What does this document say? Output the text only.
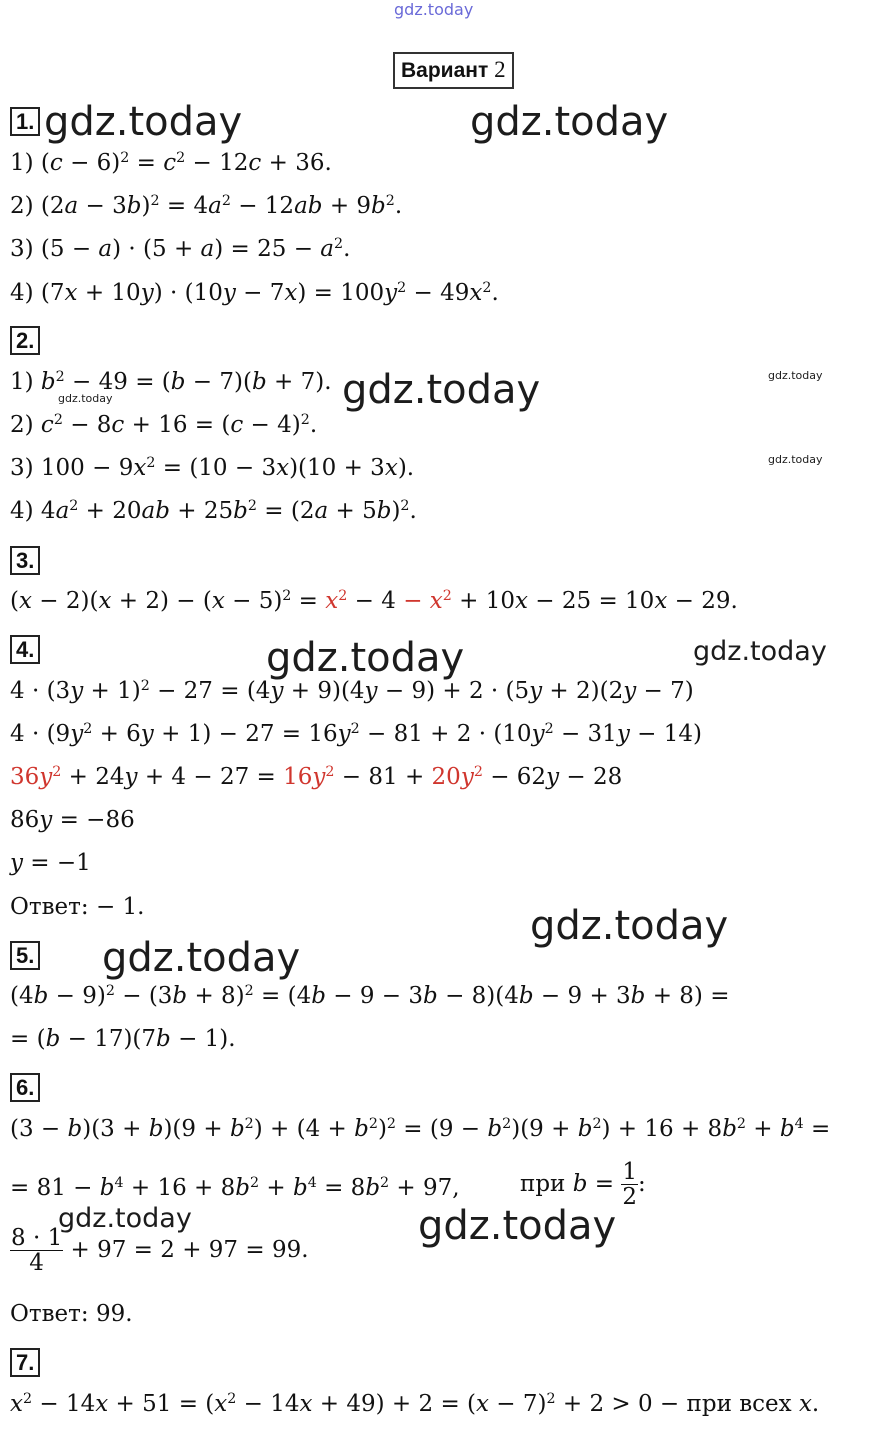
gdz.today
gdz.today	gdz.today
gdz.today	gdz.today
gdz.today
gdz.today
gdz.today	gdz.today
gdz.today
gdz.today
gdz.today	gdz.today
Вариант 2
1.
1) $(c - 6)^2 = c^2 - 12c + 36$.
2) $(2a - 3b)^2 = 4a^2 - 12ab + 9b^2$.
3) $(5 - a) \cdot (5 + a) = 25 - a^2$.
4) $(7x + 10y) \cdot (10y - 7x) = 100y^2 - 49x^2$.
2.
1) $b^2 - 49 = (b - 7)(b + 7)$.
2) $c^2 - 8c + 16 = (c - 4)^2$.
3) $100 - 9x^2 = (10 - 3x)(10 + 3x)$.
4) $4a^2 + 20ab + 25b^2 = (2a + 5b)^2$.
3.
$(x - 2)(x + 2) - (x - 5)^2 = x^2 - 4 - x^2 + 10x - 25 = 10x - 29$.
4.
$4 \cdot (3y + 1)^2 - 27 = (4y + 9)(4y - 9) + 2 \cdot (5y + 2)(2y - 7)$
$4 \cdot (9y^2 + 6y + 1) - 27 = 16y^2 - 81 + 2 \cdot (10y^2 - 31y - 14)$
$36y^2 + 24y + 4 - 27 = 16y^2 - 81 + 20y^2 - 62y - 28$
86y = −86
y = −1
Ответ: − 1.
5.
$(4b - 9)^2 - (3b + 8)^2 = (4b - 9 - 3b - 8)(4b - 9 + 3b + 8)$ =
= (b − 17)(7b − 1).
6.
$(3 - b)(3 + b)(9 + b^2) + (4 + b^2)^2 = (9 - b^2)(9 + b^2) + 16 + 8b^2 + b^4$ =
= $81 - b^4 + 16 + 8b^2 + b^4 = 8b^2 + 97$,	при $b = \frac{1}{2}$ :
$\frac{8 \cdot 1}{4} + 97 = 2 + 97 = 99$.
Ответ: 99.
7.
$x^2 - 14x + 51 = (x^2 - 14x + 49) + 2 = (x - 7)^2 + 2 > 0$ − при всех x.
